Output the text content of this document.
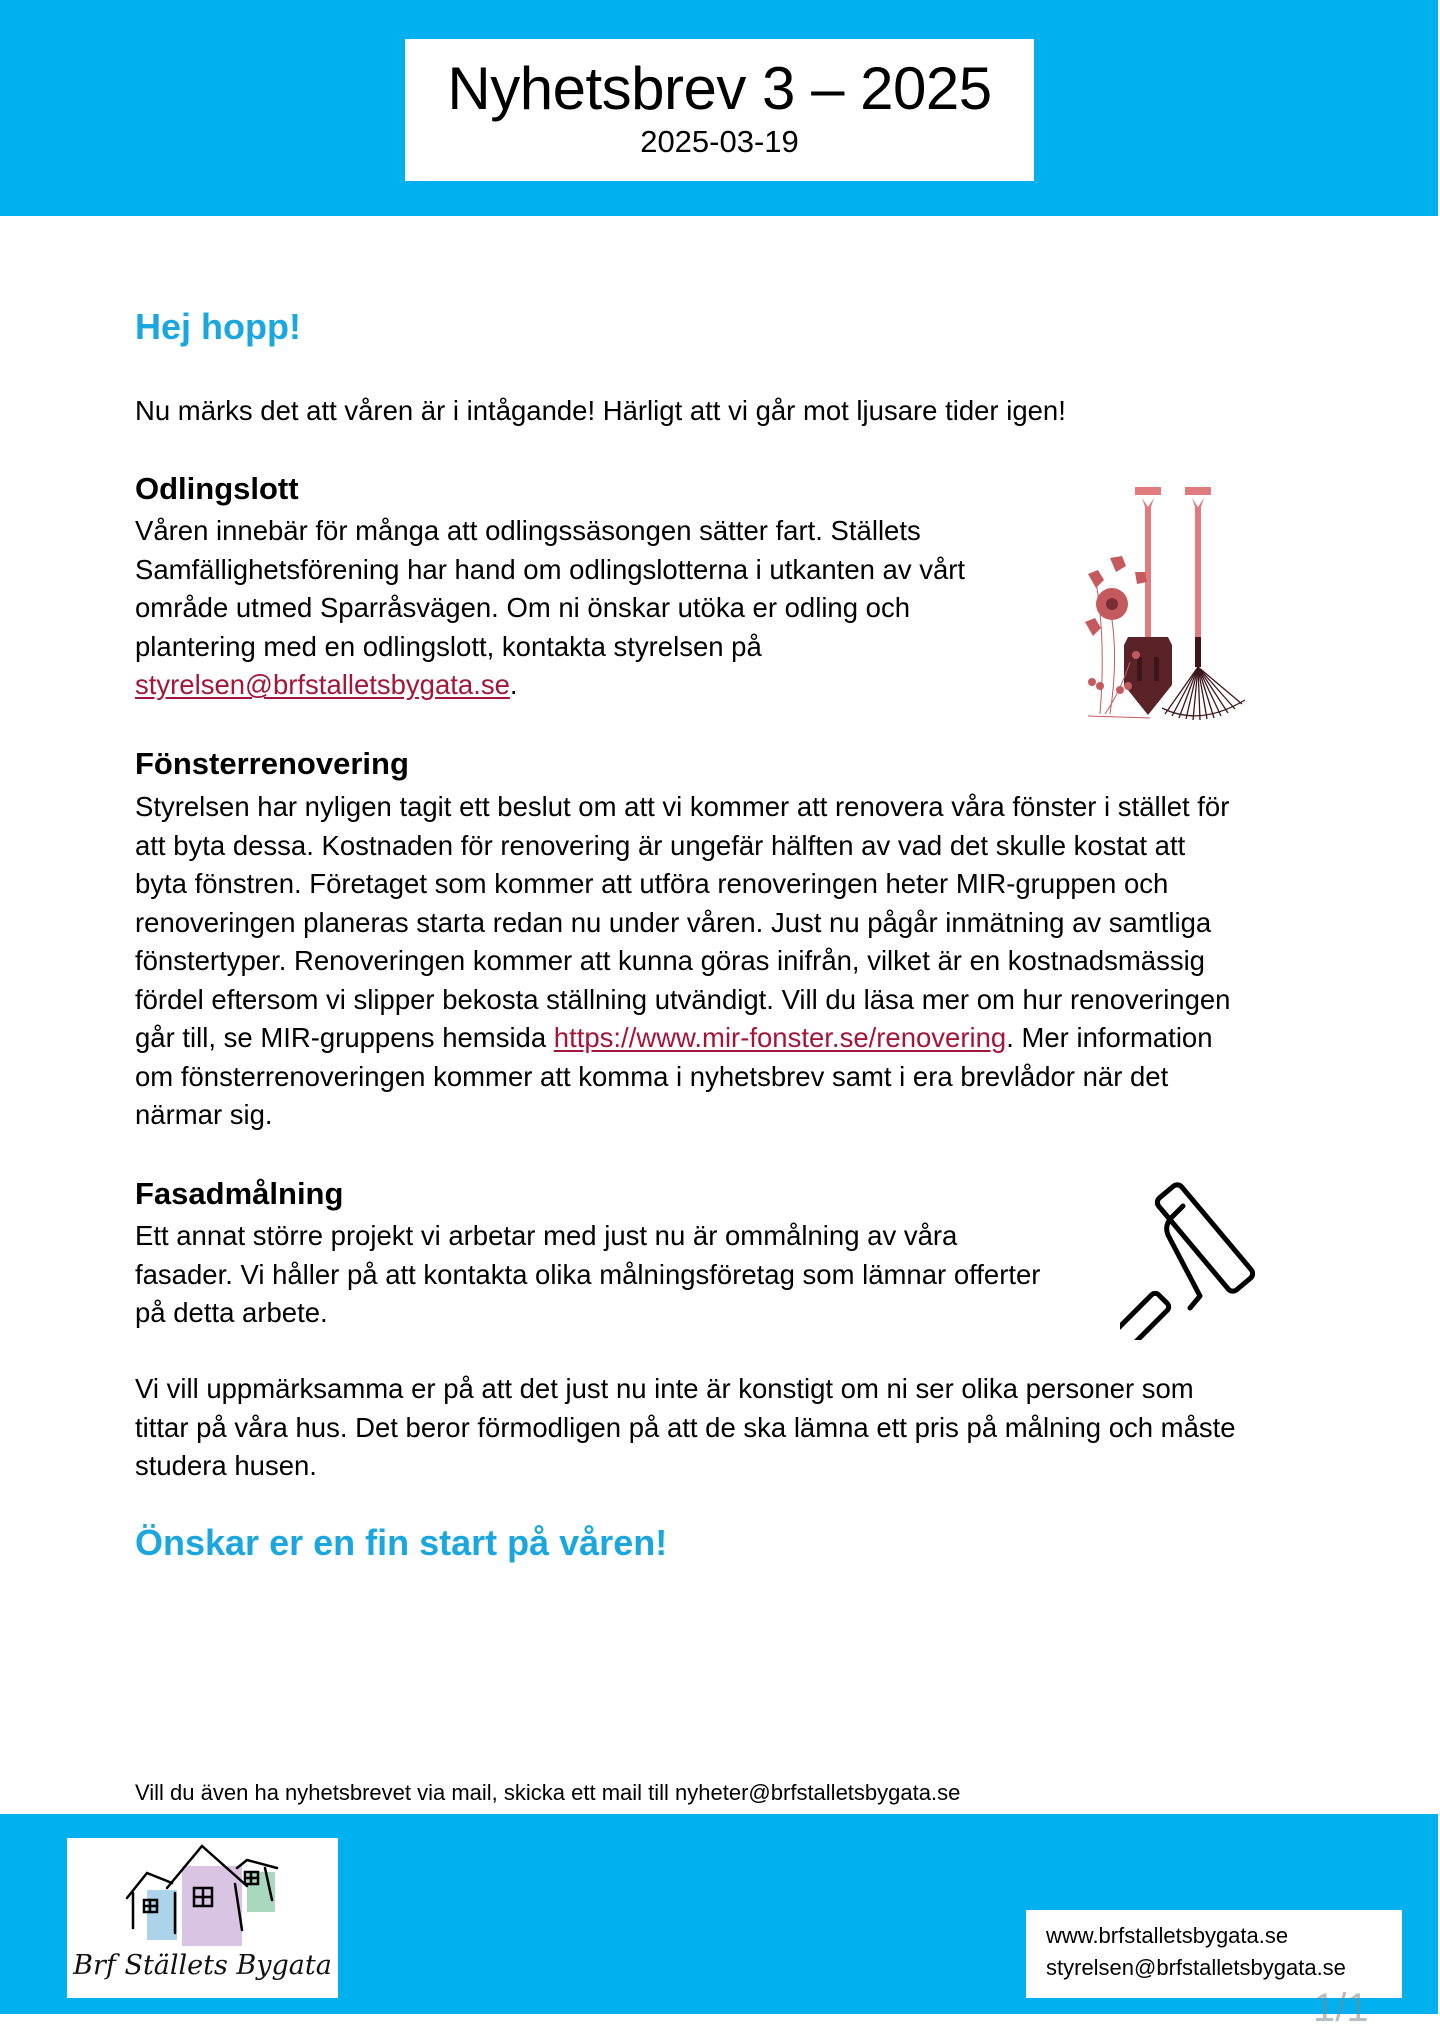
Nyhetsbrev 3 – 2025
2025-03-19
Hej hopp!

Nu märks det att våren är i intågande! Härligt att vi går mot ljusare tider igen!

Odlingslott

Våren innebär för många att odlingssäsongen sätter fart. Ställets

Samfällighetsförening har hand om odlingslotterna i utkanten av vårt

område utmed Sparråsvägen. Om ni önskar utöka er odling och

plantering med en odlingslott, kontakta styrelsen på

styrelsen@brfstalletsbygata.se.

Fönsterrenovering

Styrelsen har nyligen tagit ett beslut om att vi kommer att renovera våra fönster i stället för

att byta dessa. Kostnaden för renovering är ungefär hälften av vad det skulle kostat att

byta fönstren. Företaget som kommer att utföra renoveringen heter MIR-gruppen och

renoveringen planeras starta redan nu under våren. Just nu pågår inmätning av samtliga

fönstertyper. Renoveringen kommer att kunna göras inifrån, vilket är en kostnadsmässig

fördel eftersom vi slipper bekosta ställning utvändigt. Vill du läsa mer om hur renoveringen

går till, se MIR-gruppens hemsida https://www.mir-fonster.se/renovering. Mer information

om fönsterrenoveringen kommer att komma i nyhetsbrev samt i era brevlådor när det

närmar sig.

Fasadmålning

Ett annat större projekt vi arbetar med just nu är ommålning av våra

fasader. Vi håller på att kontakta olika målningsföretag som lämnar offerter

på detta arbete.

Vi vill uppmärksamma er på att det just nu inte är konstigt om ni ser olika personer som

tittar på våra hus. Det beror förmodligen på att de ska lämna ett pris på målning och måste

studera husen.

Önskar er en fin start på våren!
Vill du även ha nyhetsbrevet via mail, skicka ett mail till nyheter@brfstalletsbygata.se
Brf Ställets Bygata
www.brfstalletsbygata.se
styrelsen@brfstalletsbygata.se
1/1
